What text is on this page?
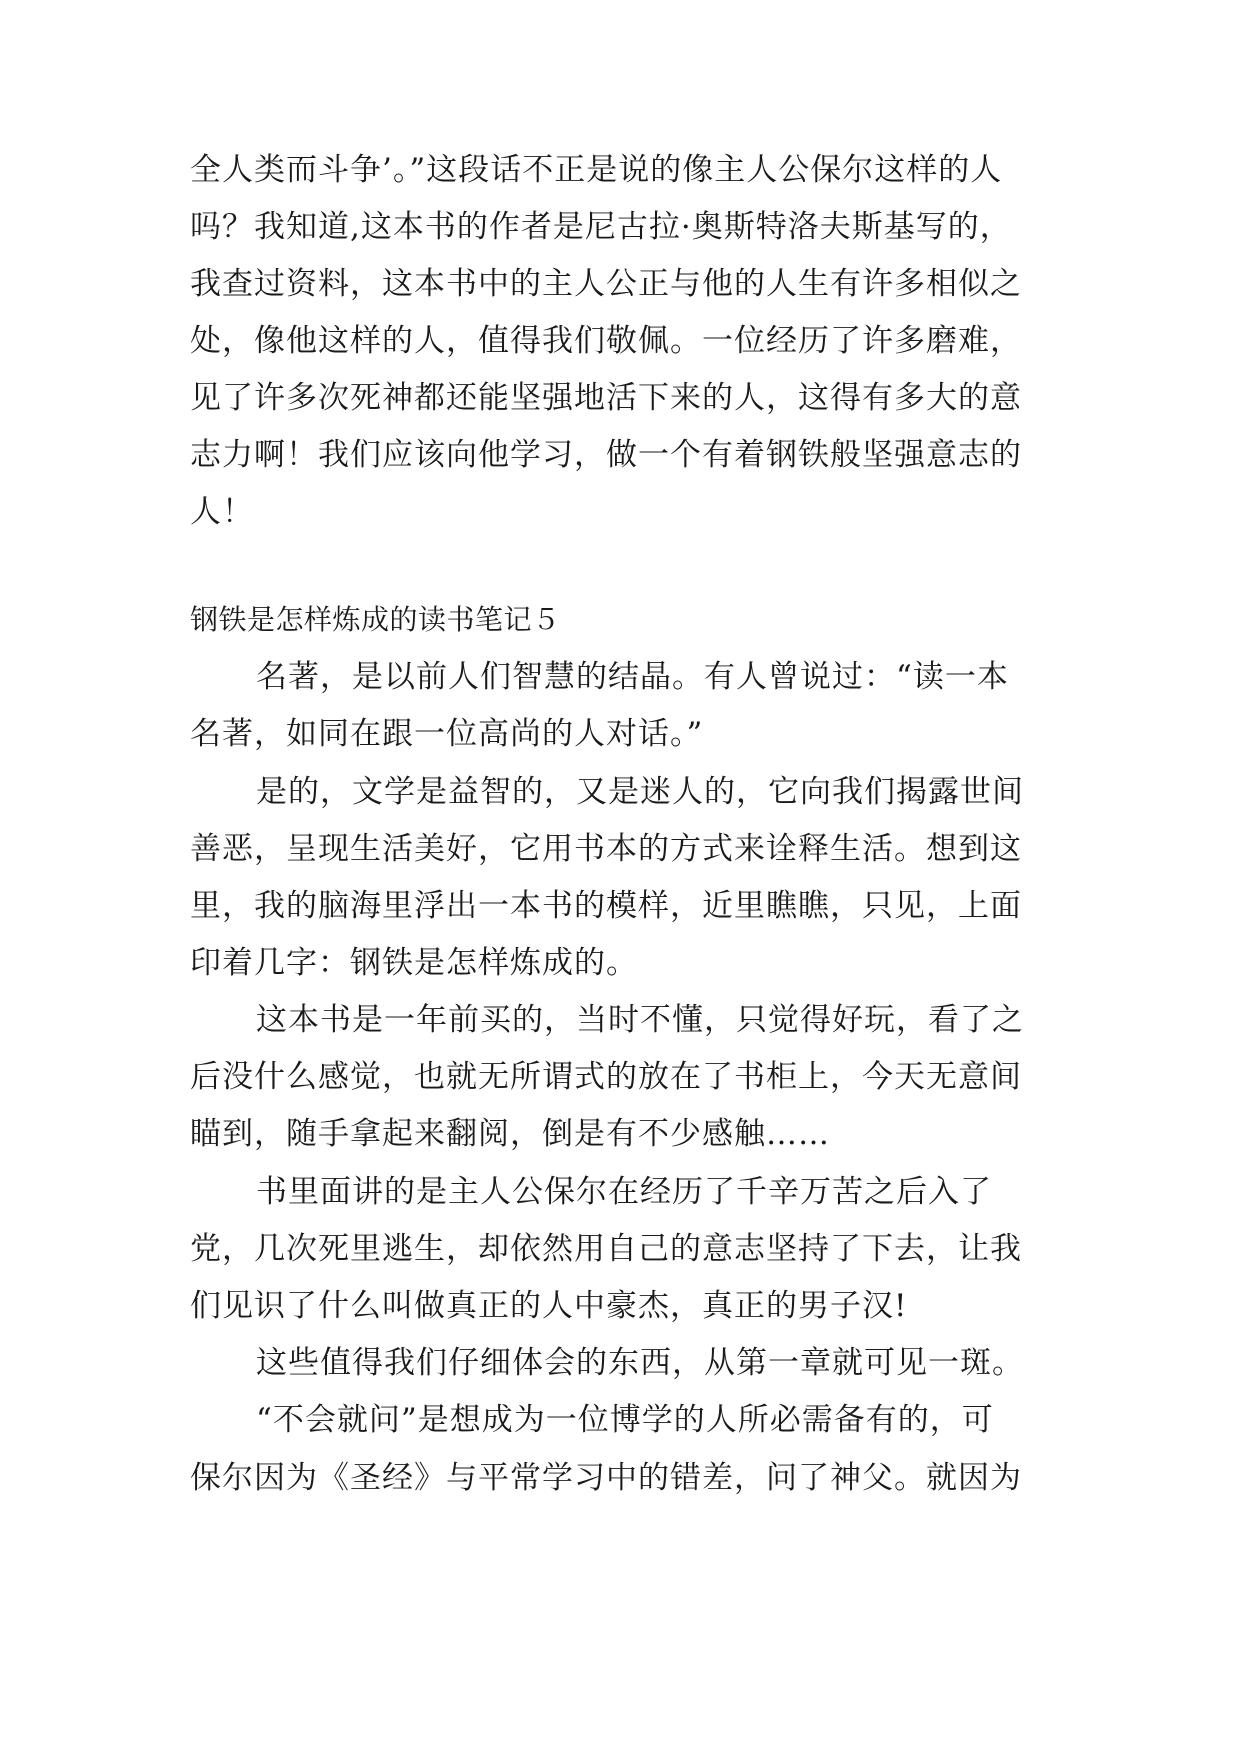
全人类而斗争’。”这段话不正是说的像主人公保尔这样的人
吗？我知道,这本书的作者是尼古拉·奥斯特洛夫斯基写的，
我查过资料，这本书中的主人公正与他的人生有许多相似之
处，像他这样的人，值得我们敬佩。一位经历了许多磨难，
见了许多次死神都还能坚强地活下来的人，这得有多大的意
志力啊！我们应该向他学习，做一个有着钢铁般坚强意志的
人！
钢铁是怎样炼成的读书笔记５
名著，是以前人们智慧的结晶。有人曾说过：“读一本
名著，如同在跟一位高尚的人对话。”
是的，文学是益智的，又是迷人的，它向我们揭露世间
善恶，呈现生活美好，它用书本的方式来诠释生活。想到这
里，我的脑海里浮出一本书的模样，近里瞧瞧，只见，上面
印着几字：钢铁是怎样炼成的。
这本书是一年前买的，当时不懂，只觉得好玩，看了之
后没什么感觉，也就无所谓式的放在了书柜上，今天无意间
瞄到，随手拿起来翻阅，倒是有不少感触……
书里面讲的是主人公保尔在经历了千辛万苦之后入了
党，几次死里逃生，却依然用自己的意志坚持了下去，让我
们见识了什么叫做真正的人中豪杰，真正的男子汉!
这些值得我们仔细体会的东西，从第一章就可见一斑。
“不会就问”是想成为一位博学的人所必需备有的，可
保尔因为《圣经》与平常学习中的错差，问了神父。就因为
